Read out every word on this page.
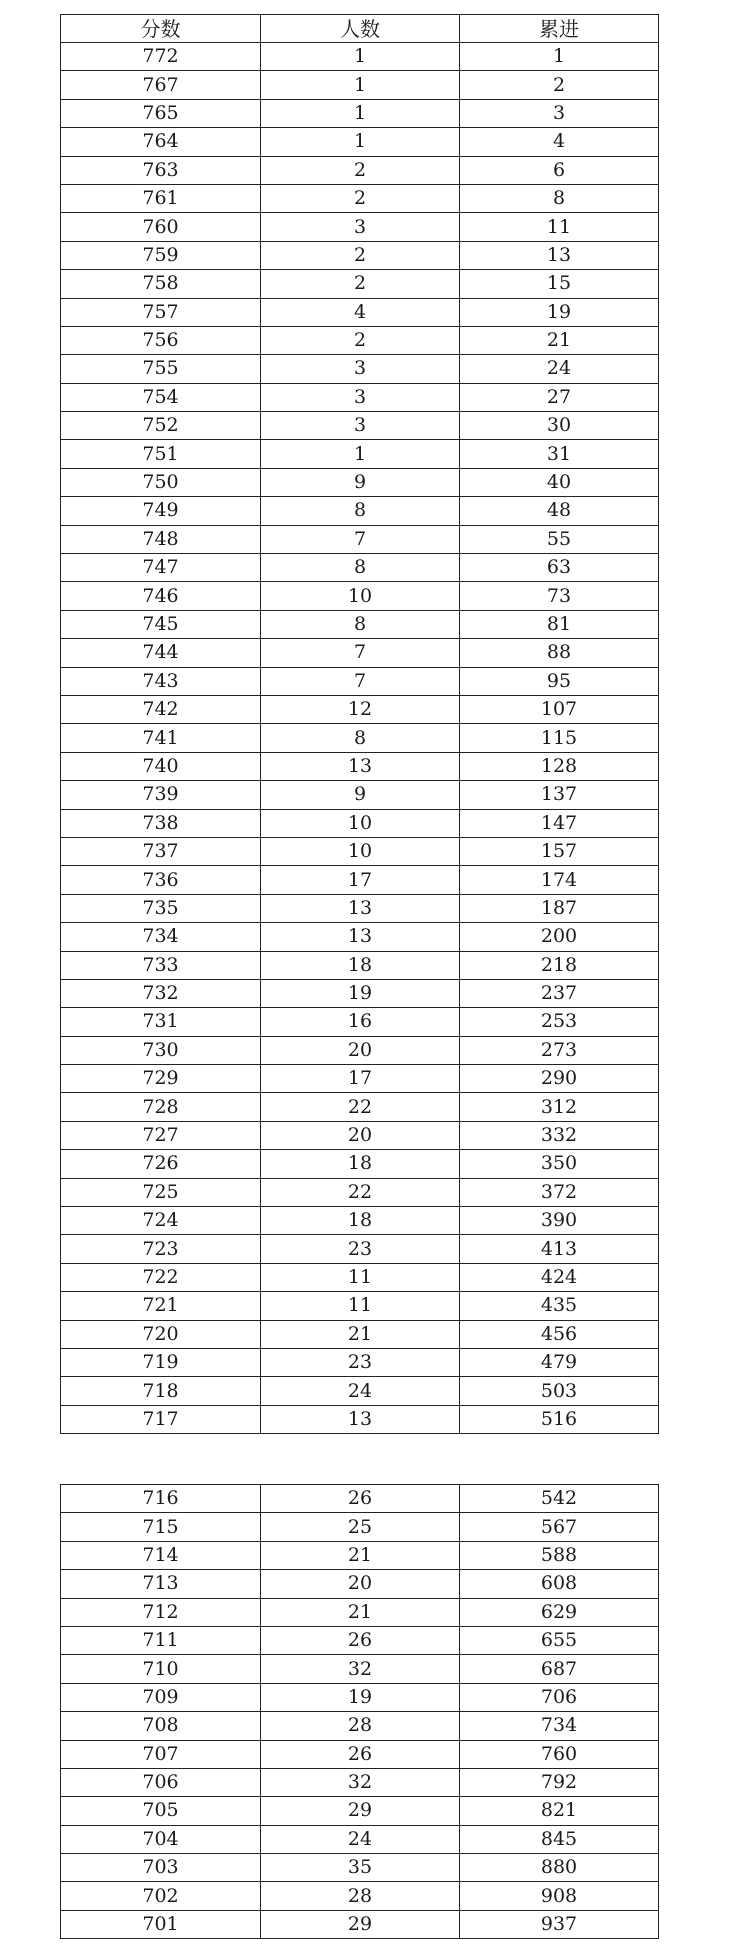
分数	人数	累进
772	1	1
767	1	2
765	1	3
764	1	4
763	2	6
761	2	8
760	3	11
759	2	13
758	2	15
757	4	19
756	2	21
755	3	24
754	3	27
752	3	30
751	1	31
750	9	40
749	8	48
748	7	55
747	8	63
746	10	73
745	8	81
744	7	88
743	7	95
742	12	107
741	8	115
740	13	128
739	9	137
738	10	147
737	10	157
736	17	174
735	13	187
734	13	200
733	18	218
732	19	237
731	16	253
730	20	273
729	17	290
728	22	312
727	20	332
726	18	350
725	22	372
724	18	390
723	23	413
722	11	424
721	11	435
720	21	456
719	23	479
718	24	503
717	13	516
716	26	542
715	25	567
714	21	588
713	20	608
712	21	629
711	26	655
710	32	687
709	19	706
708	28	734
707	26	760
706	32	792
705	29	821
704	24	845
703	35	880
702	28	908
701	29	937
